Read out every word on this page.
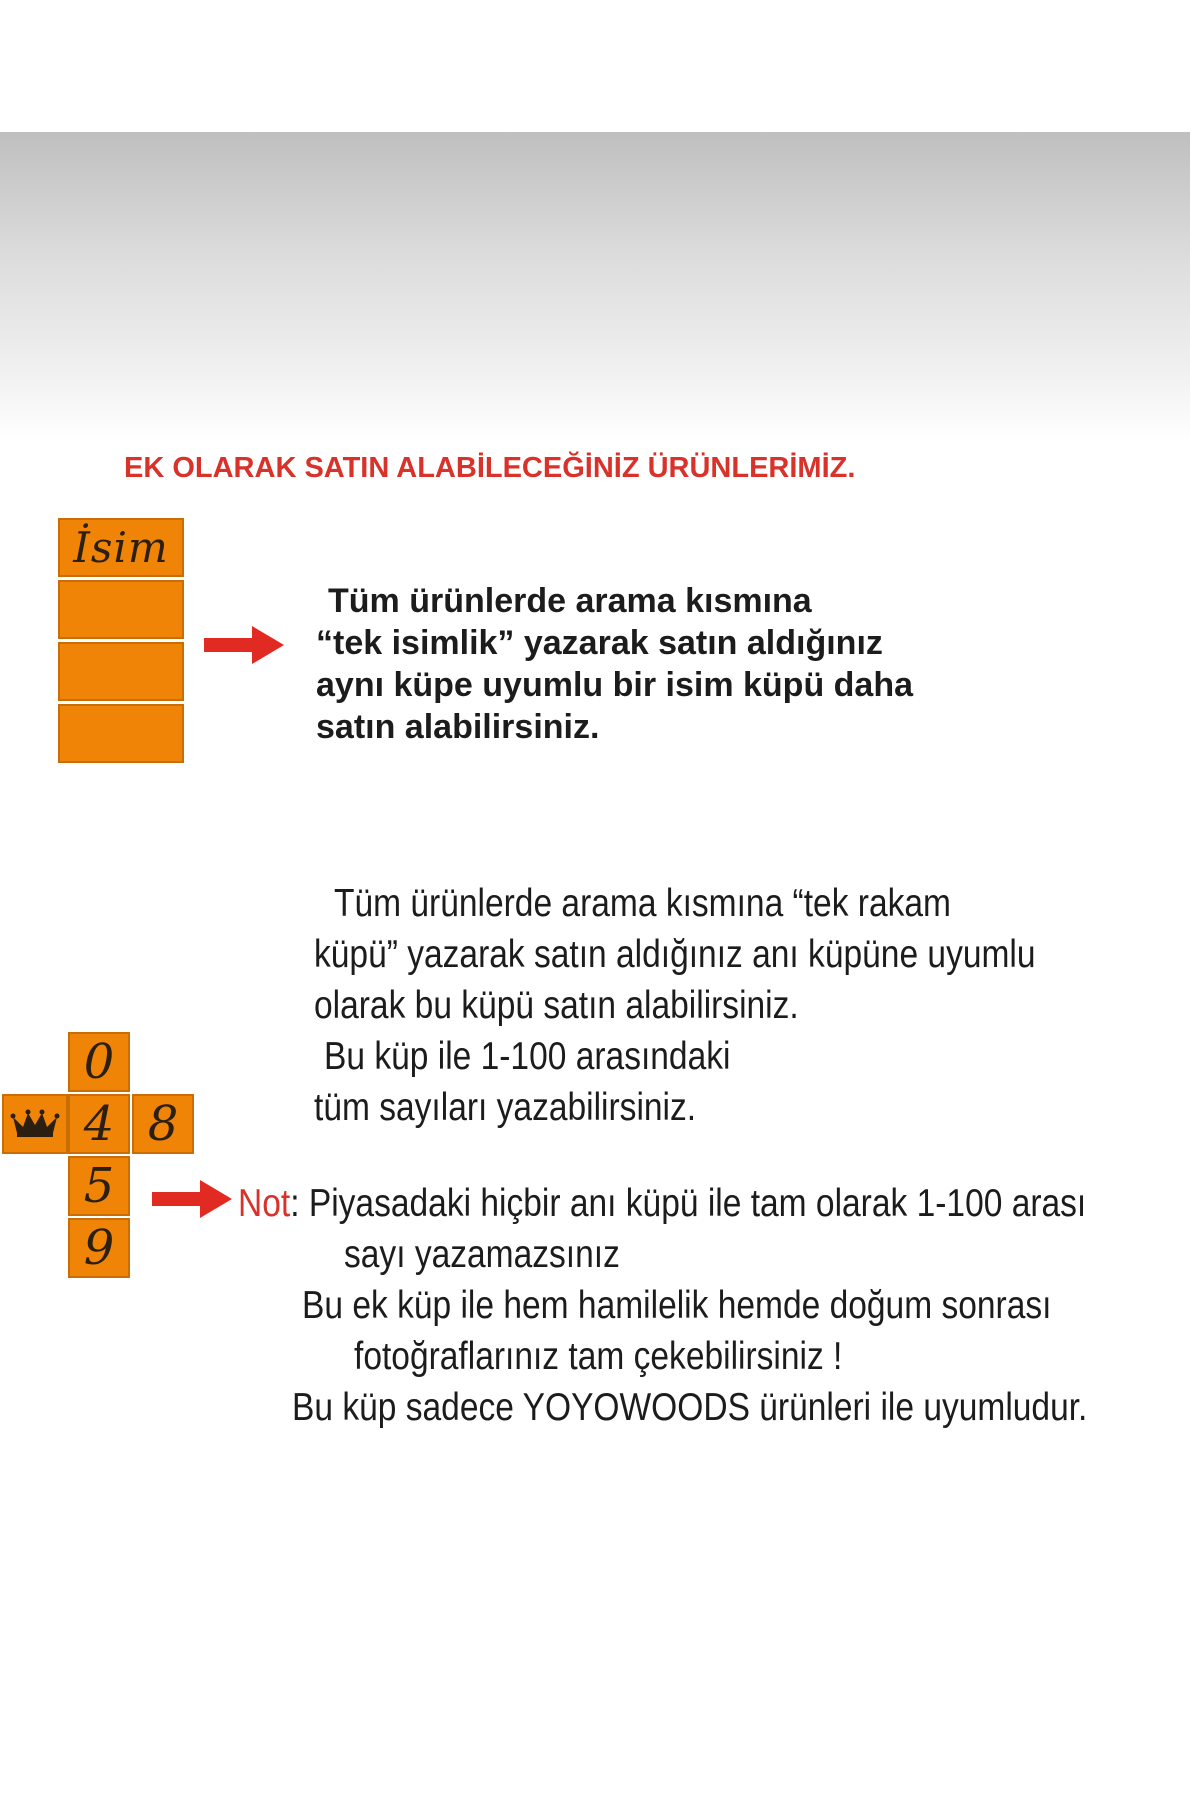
EK OLARAK SATIN ALABİLECEĞİNİZ ÜRÜNLERİMİZ.
İsim
Tüm ürünlerde arama kısmına
“tek isimlik” yazarak satın aldığınız
aynı küpe uyumlu bir isim küpü daha
satın alabilirsiniz.
Tüm ürünlerde arama kısmına “tek rakam
küpü” yazarak satın aldığınız anı küpüne uyumlu
olarak bu küpü satın alabilirsiniz.
Bu küp ile 1-100 arasındaki
tüm sayıları yazabilirsiniz.
0
4 8
5
9
Not: Piyasadaki hiçbir anı küpü ile tam olarak 1-100 arası
sayı yazamazsınız
Bu ek küp ile hem hamilelik hemde doğum sonrası
fotoğraflarınız tam çekebilirsiniz !
Bu küp sadece YOYOWOODS ürünleri ile uyumludur.
